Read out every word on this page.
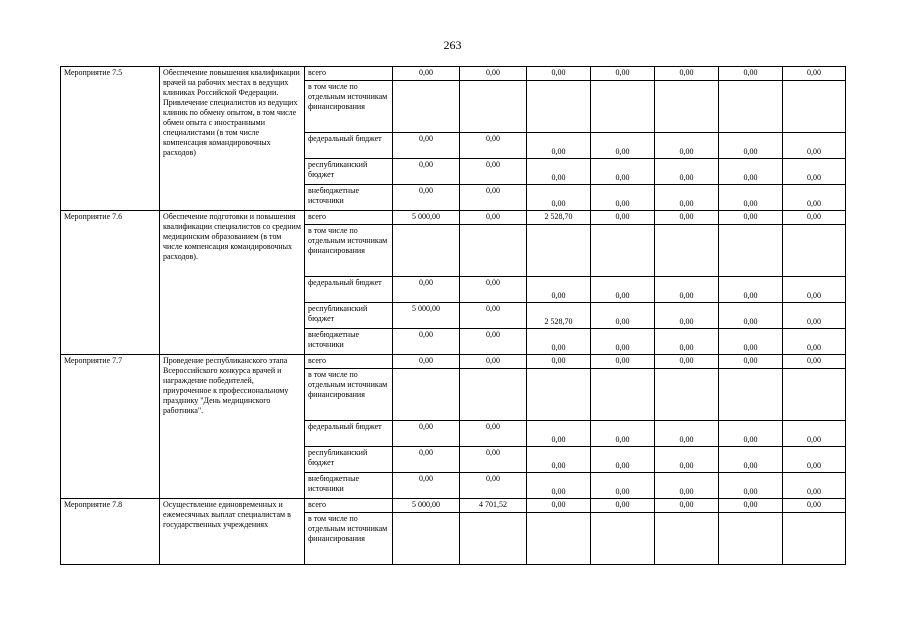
263
Мероприятие 7.5	Обеспечение повышения квалификации врачей на рабочих местах в ведущих клиниках Российской Федерации. Привлечение специалистов из ведущих клиник по обмену опытом, в том числе обмен опыта с иностранными специалистами (в том числе компенсация командировочных расходов)	всего	0,00	0,00	0,00	0,00	0,00	0,00	0,00
		в том числе по отдельным источникам финансирования							
		федеральный бюджет	0,00	0,00	0,00	0,00	0,00	0,00	0,00
		республиканский бюджет	0,00	0,00	0,00	0,00	0,00	0,00	0,00
		внебюджетные источники	0,00	0,00	0,00	0,00	0,00	0,00	0,00
Мероприятие 7.6	Обеспечение подготовки и повышения квалификации специалистов со средним медицинским образованием (в том числе компенсация командировочных расходов).	всего	5 000,00	0,00	2 528,70	0,00	0,00	0,00	0,00
		в том числе по отдельным источникам финансирования							
		федеральный бюджет	0,00	0,00	0,00	0,00	0,00	0,00	0,00
		республиканский бюджет	5 000,00	0,00	2 528,70	0,00	0,00	0,00	0,00
		внебюджетные источники	0,00	0,00	0,00	0,00	0,00	0,00	0,00
Мероприятие 7.7	Проведение республиканского этапа Всероссийского конкурса врачей и награждение победителей, приуроченное к профессиональному празднику "День медицинского работника".	всего	0,00	0,00	0,00	0,00	0,00	0,00	0,00
		в том числе по отдельным источникам финансирования							
		федеральный бюджет	0,00	0,00	0,00	0,00	0,00	0,00	0,00
		республиканский бюджет	0,00	0,00	0,00	0,00	0,00	0,00	0,00
		внебюджетные источники	0,00	0,00	0,00	0,00	0,00	0,00	0,00
Мероприятие 7.8	Осуществление единовременных и ежемесячных выплат специалистам в государственных учреждениях	всего	5 000,00	4 701,52	0,00	0,00	0,00	0,00	0,00
		в том числе по отдельным источникам финансирования							
